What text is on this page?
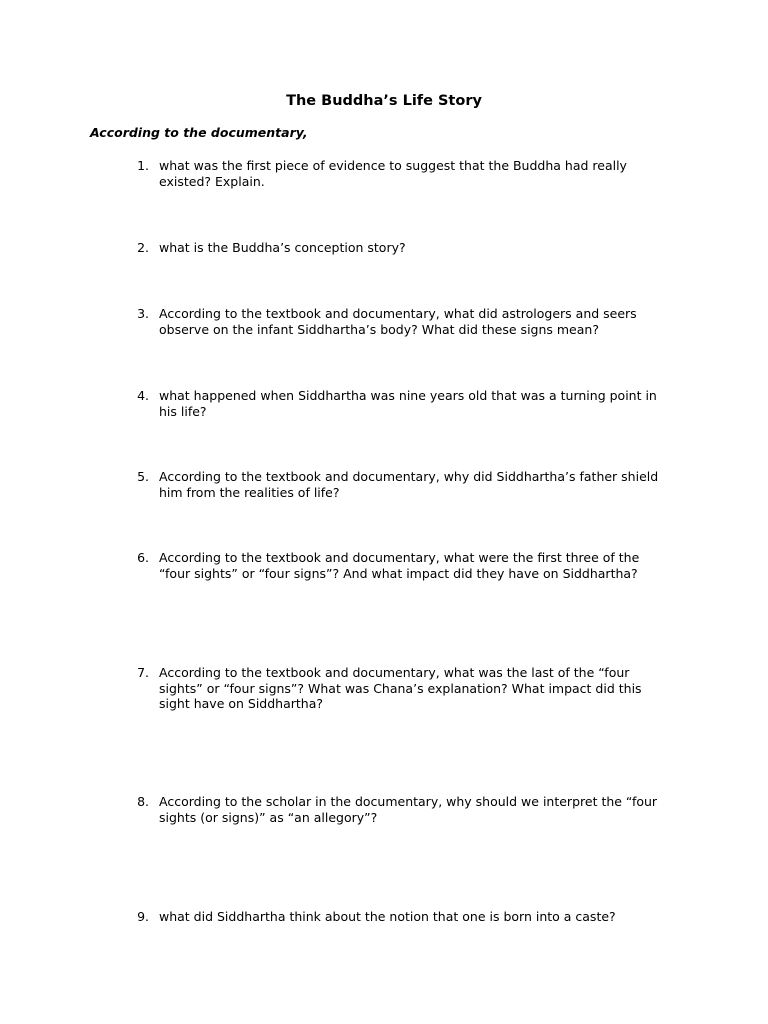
The Buddha’s Life Story
According to the documentary,
1. what was the first piece of evidence to suggest that the Buddha had really existed? Explain.
2. what is the Buddha’s conception story?
3. According to the textbook and documentary, what did astrologers and seers observe on the infant Siddhartha’s body? What did these signs mean?
4. what happened when Siddhartha was nine years old that was a turning point in his life?
5. According to the textbook and documentary, why did Siddhartha’s father shield him from the realities of life?
6. According to the textbook and documentary, what were the first three of the “four sights” or “four signs”? And what impact did they have on Siddhartha?
7. According to the textbook and documentary, what was the last of the “four sights” or “four signs”? What was Chana’s explanation? What impact did this sight have on Siddhartha?
8. According to the scholar in the documentary, why should we interpret the “four sights (or signs)” as “an allegory”?
9. what did Siddhartha think about the notion that one is born into a caste?
